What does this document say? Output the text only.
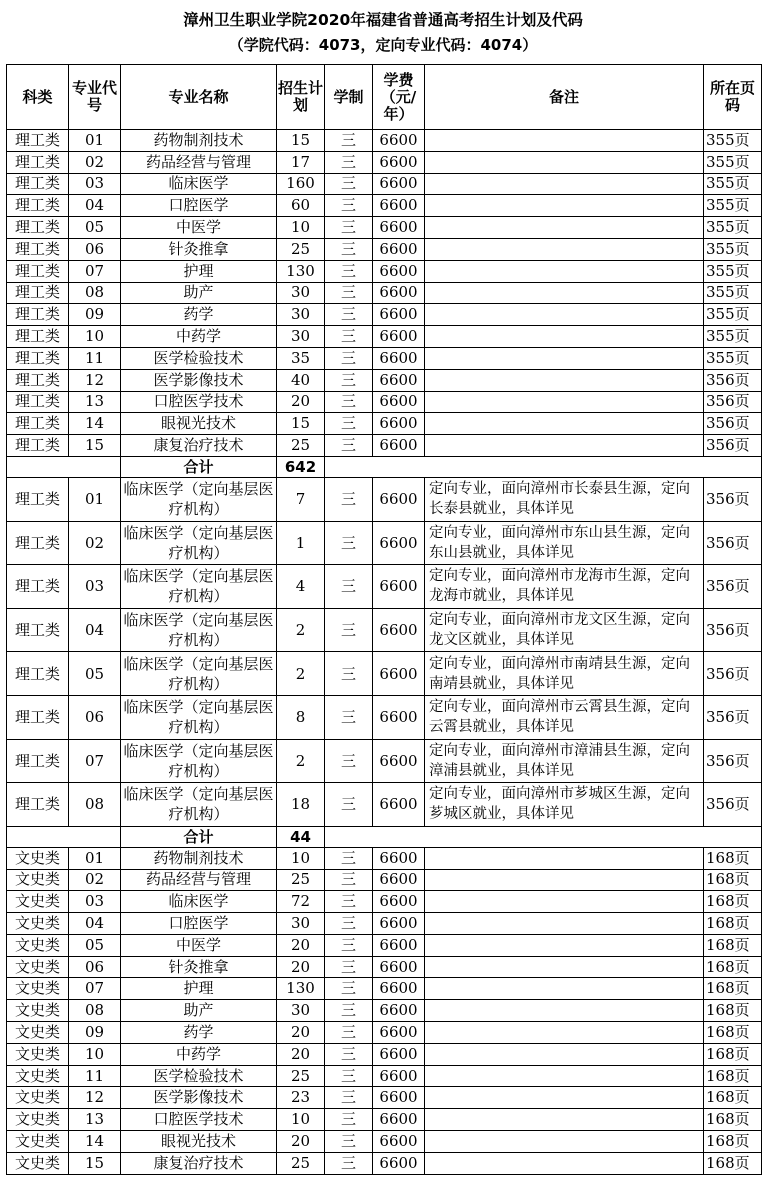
漳州卫生职业学院2020年福建省普通高考招生计划及代码
（学院代码：4073，定向专业代码：4074）
科类	专业代号	专业名称	招生计划	学制	学费（元/年）	备注	所在页码
理工类	01	药物制剂技术	15	三	6600		355页
理工类	02	药品经营与管理	17	三	6600		355页
理工类	03	临床医学	160	三	6600		355页
理工类	04	口腔医学	60	三	6600		355页
理工类	05	中医学	10	三	6600		355页
理工类	06	针灸推拿	25	三	6600		355页
理工类	07	护理	130	三	6600		355页
理工类	08	助产	30	三	6600		355页
理工类	09	药学	30	三	6600		355页
理工类	10	中药学	30	三	6600		355页
理工类	11	医学检验技术	35	三	6600		355页
理工类	12	医学影像技术	40	三	6600		356页
理工类	13	口腔医学技术	20	三	6600		356页
理工类	14	眼视光技术	15	三	6600		356页
理工类	15	康复治疗技术	25	三	6600		356页
		合计	642				
理工类	01	临床医学（定向基层医疗机构）	7	三	6600	定向专业，面向漳州市长泰县生源，定向长泰县就业，具体详见	356页
理工类	02	临床医学（定向基层医疗机构）	1	三	6600	定向专业，面向漳州市东山县生源，定向东山县就业，具体详见	356页
理工类	03	临床医学（定向基层医疗机构）	4	三	6600	定向专业，面向漳州市龙海市生源，定向龙海市就业，具体详见	356页
理工类	04	临床医学（定向基层医疗机构）	2	三	6600	定向专业，面向漳州市龙文区生源，定向龙文区就业，具体详见	356页
理工类	05	临床医学（定向基层医疗机构）	2	三	6600	定向专业，面向漳州市南靖县生源，定向南靖县就业，具体详见	356页
理工类	06	临床医学（定向基层医疗机构）	8	三	6600	定向专业，面向漳州市云霄县生源，定向云霄县就业，具体详见	356页
理工类	07	临床医学（定向基层医疗机构）	2	三	6600	定向专业，面向漳州市漳浦县生源，定向漳浦县就业，具体详见	356页
理工类	08	临床医学（定向基层医疗机构）	18	三	6600	定向专业，面向漳州市芗城区生源，定向芗城区就业，具体详见	356页
		合计	44				
文史类	01	药物制剂技术	10	三	6600		168页
文史类	02	药品经营与管理	25	三	6600		168页
文史类	03	临床医学	72	三	6600		168页
文史类	04	口腔医学	30	三	6600		168页
文史类	05	中医学	20	三	6600		168页
文史类	06	针灸推拿	20	三	6600		168页
文史类	07	护理	130	三	6600		168页
文史类	08	助产	30	三	6600		168页
文史类	09	药学	20	三	6600		168页
文史类	10	中药学	20	三	6600		168页
文史类	11	医学检验技术	25	三	6600		168页
文史类	12	医学影像技术	23	三	6600		168页
文史类	13	口腔医学技术	10	三	6600		168页
文史类	14	眼视光技术	20	三	6600		168页
文史类	15	康复治疗技术	25	三	6600		168页
